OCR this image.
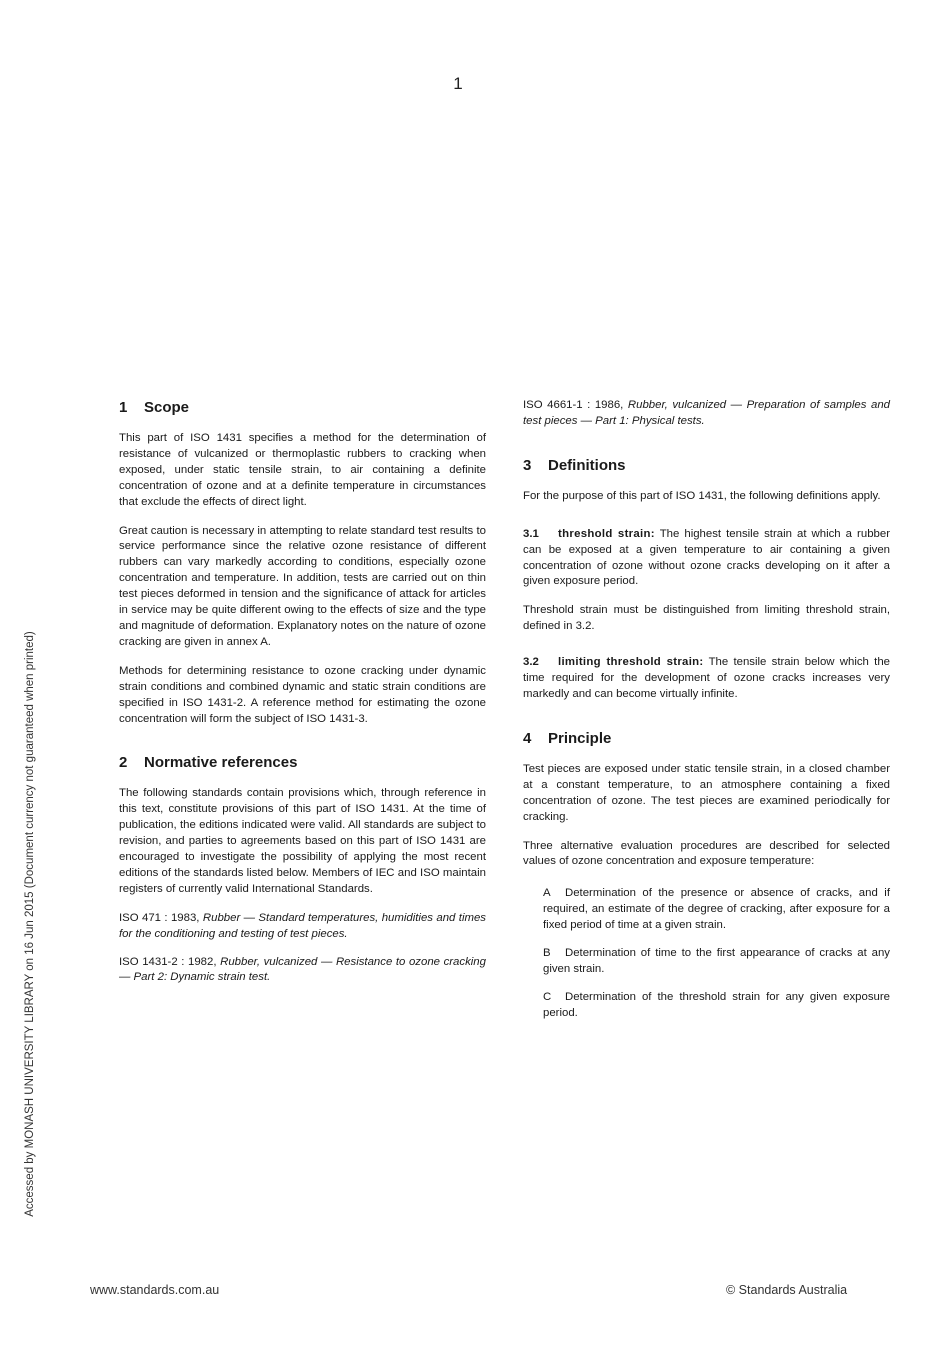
1
Accessed by MONASH UNIVERSITY LIBRARY on 16 Jun 2015 (Document currency not guaranteed when printed)
1 Scope

This part of ISO 1431 specifies a method for the determination of resistance of vulcanized or thermoplastic rubbers to cracking when exposed, under static tensile strain, to air containing a definite concentration of ozone and at a definite temperature in circumstances that exclude the effects of direct light.

Great caution is necessary in attempting to relate standard test results to service performance since the relative ozone resistance of different rubbers can vary markedly according to conditions, especially ozone concentration and temperature. In addition, tests are carried out on thin test pieces deformed in tension and the significance of attack for articles in service may be quite different owing to the effects of size and the type and magnitude of deformation. Explanatory notes on the nature of ozone cracking are given in annex A.

Methods for determining resistance to ozone cracking under dynamic strain conditions and combined dynamic and static strain conditions are specified in ISO 1431-2. A reference method for estimating the ozone concentration will form the subject of ISO 1431-3.

2 Normative references

The following standards contain provisions which, through reference in this text, constitute provisions of this part of ISO 1431. At the time of publication, the editions indicated were valid. All standards are subject to revision, and parties to agreements based on this part of ISO 1431 are encouraged to investigate the possibility of applying the most recent editions of the standards listed below. Members of IEC and ISO maintain registers of currently valid International Standards.

ISO 471 : 1983, Rubber — Standard temperatures, humidities and times for the conditioning and testing of test pieces.

ISO 1431-2 : 1982, Rubber, vulcanized — Resistance to ozone cracking — Part 2: Dynamic strain test.

ISO 4661-1 : 1986, Rubber, vulcanized — Preparation of samples and test pieces — Part 1: Physical tests.

3 Definitions

For the purpose of this part of ISO 1431, the following definitions apply.

3.1 threshold strain: The highest tensile strain at which a rubber can be exposed at a given temperature to air containing a given concentration of ozone without ozone cracks developing on it after a given exposure period.

Threshold strain must be distinguished from limiting threshold strain, defined in 3.2.

3.2 limiting threshold strain: The tensile strain below which the time required for the development of ozone cracks increases very markedly and can become virtually infinite.

4 Principle

Test pieces are exposed under static tensile strain, in a closed chamber at a constant temperature, to an atmosphere containing a fixed concentration of ozone. The test pieces are examined periodically for cracking.

Three alternative evaluation procedures are described for selected values of ozone concentration and exposure temperature:

A Determination of the presence or absence of cracks, and if required, an estimate of the degree of cracking, after exposure for a fixed period of time at a given strain.

B Determination of time to the first appearance of cracks at any given strain.

C Determination of the threshold strain for any given exposure period.

www.standards.com.au	© Standards Australia
